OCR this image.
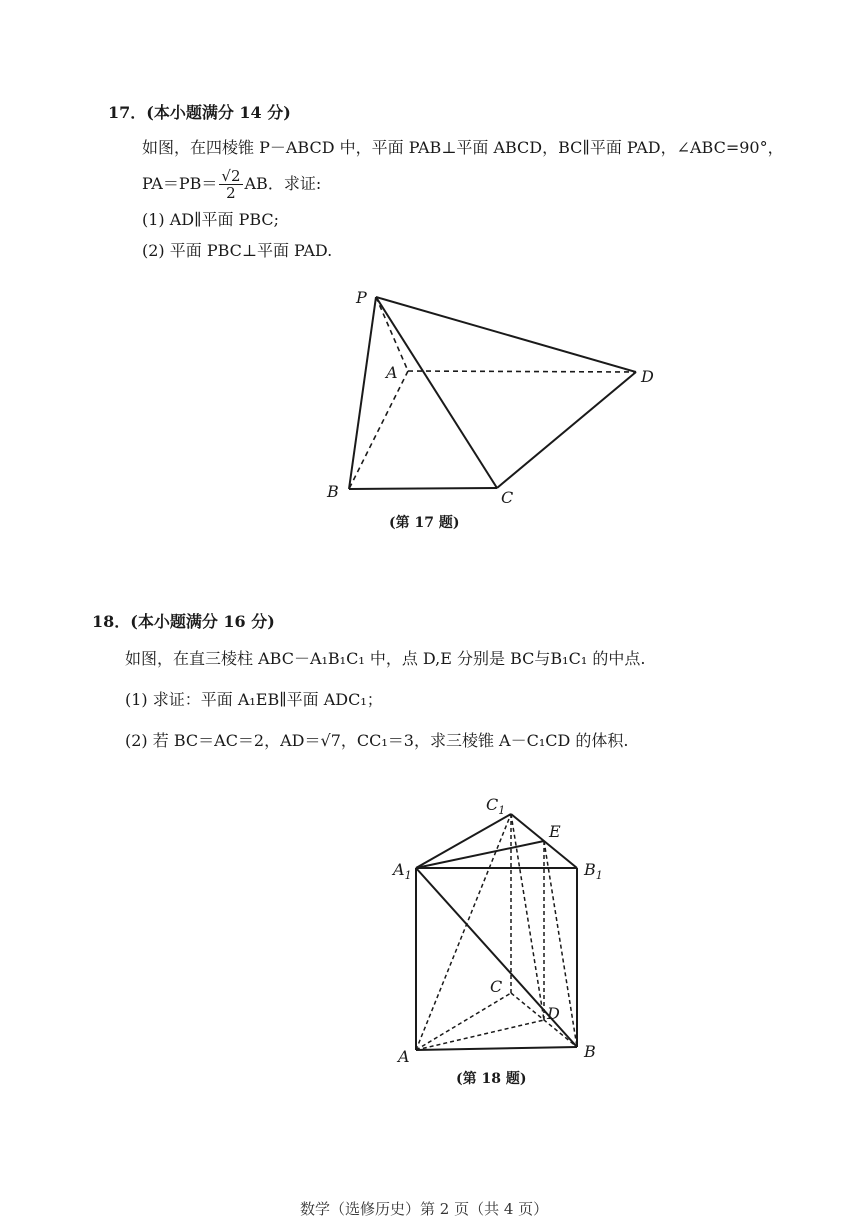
17．(本小题满分 14 分)
如图，在四棱锥 P－ABCD 中，平面 PAB⊥平面 ABCD，BC∥平面 PAD，∠ABC=90°，
$PA=PB= \frac{√2}{2}$ AB．求证:
(1) AD∥平面 PBC;
(2) 平面 PBC⊥平面 PAD.
P
A	D
B	C
(第 17 题)
18．(本小题满分 16 分)
如图，在直三棱柱 ABC－A₁B₁C₁ 中，点 D,E 分别是 BC与B₁C₁ 的中点.
(1) 求证：平面 A₁EB∥平面 ADC₁；
(2) 若 BC＝AC＝2，AD＝√7，CC₁＝3，求三棱锥 A－C₁CD 的体积.
$C_1$
E
$A_1$	$B_1$
C
D
A	B
(第 18 题)
数学（选修历史）第 2 页（共 4 页）
